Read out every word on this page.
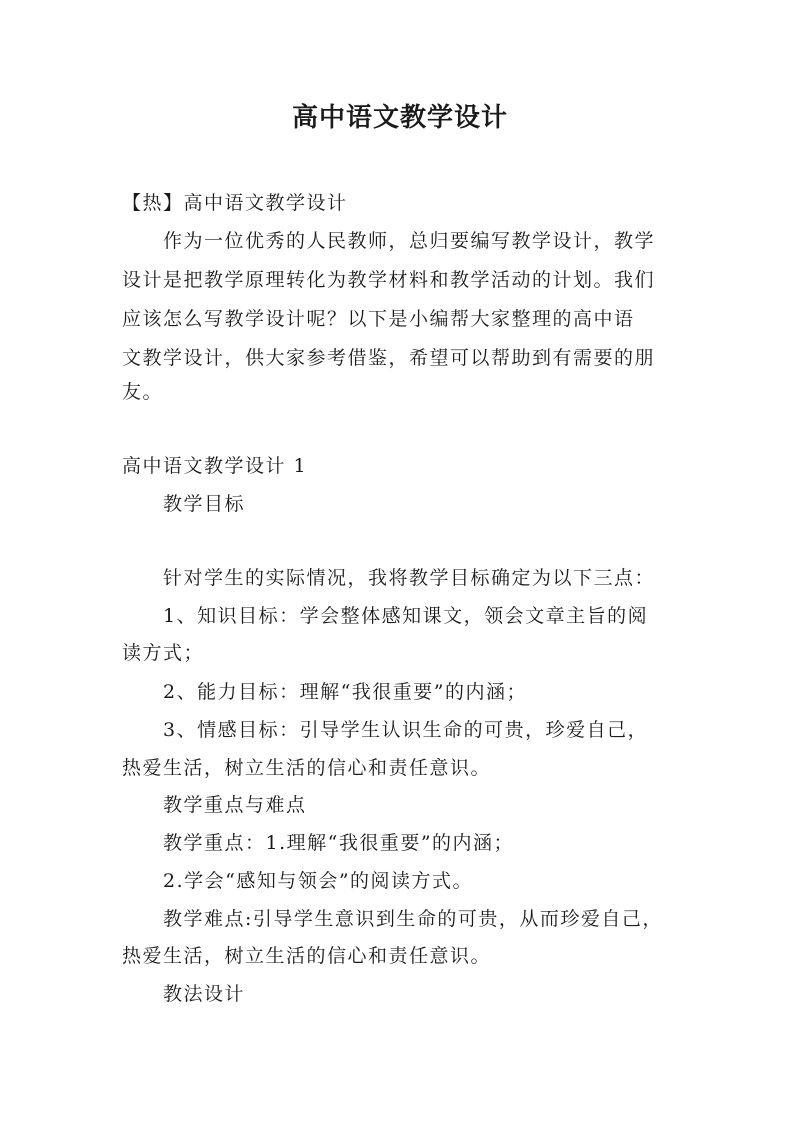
高中语文教学设计
【热】高中语文教学设计
作为一位优秀的人民教师，总归要编写教学设计，教学
设计是把教学原理转化为教学材料和教学活动的计划。我们
应该怎么写教学设计呢？以下是小编帮大家整理的高中语
文教学设计，供大家参考借鉴，希望可以帮助到有需要的朋
友。
高中语文教学设计 1
教学目标
针对学生的实际情况，我将教学目标确定为以下三点：
1、知识目标：学会整体感知课文，领会文章主旨的阅
读方式；
2、能力目标：理解“我很重要”的内涵；
3、情感目标：引导学生认识生命的可贵，珍爱自己，
热爱生活，树立生活的信心和责任意识。
教学重点与难点
教学重点：1.理解“我很重要”的内涵；
2.学会“感知与领会”的阅读方式。
教学难点:引导学生意识到生命的可贵，从而珍爱自己，
热爱生活，树立生活的信心和责任意识。
教法设计
